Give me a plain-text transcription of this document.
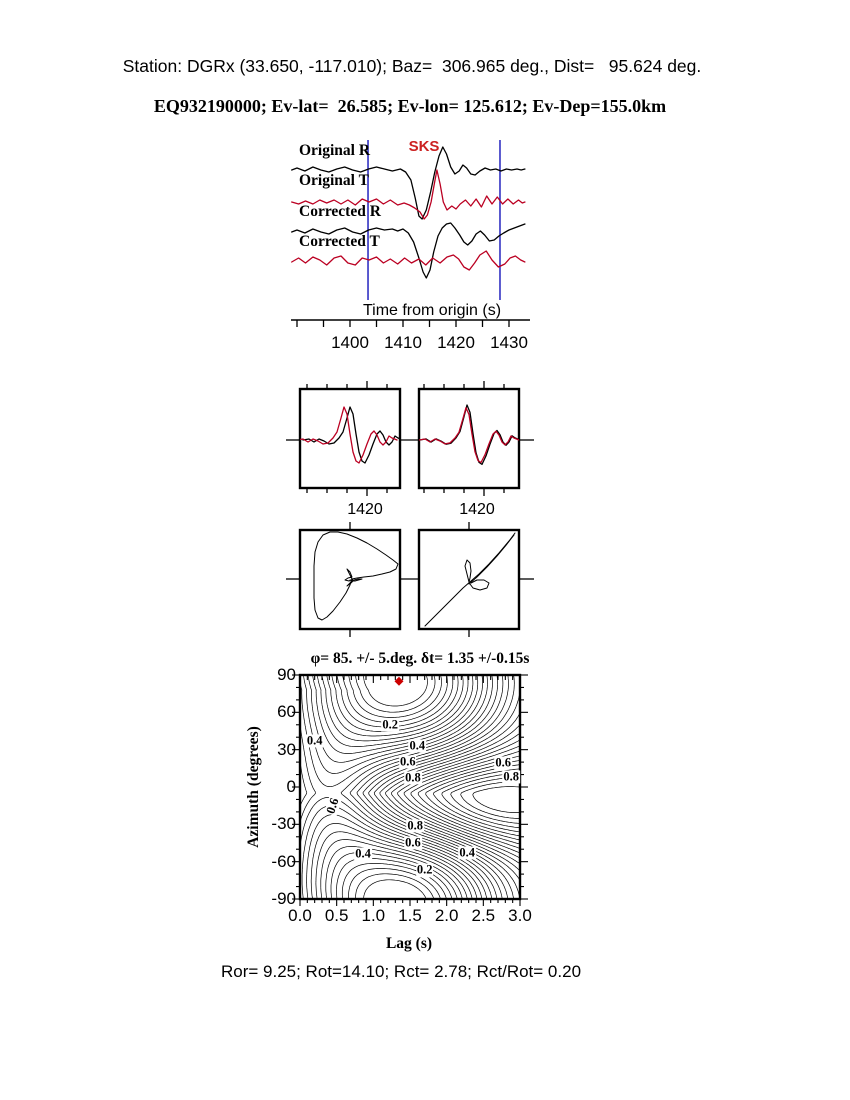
Station: DGRx (33.650, -117.010); Baz=  306.965 deg., Dist=   95.624 deg.
EQ932190000; Ev-lat=  26.585; Ev-lon= 125.612; Ev-Dep=155.0km
SKS
Original R
Original T
Corrected R
Corrected T
Time from origin (s)
1420	1420
φ= 85. +/- 5.deg. δt= 1.35 +/-0.15s
Azimuth (degrees)
Lag (s)
Ror= 9.25; Rot=14.10; Rct= 2.78; Rct/Rot= 0.20
1400 1410 1420 1430
90
60
30
0
-30
-60
-90
0.0 0.5 1.0 1.5 2.0 2.5 3.0
0.2
0.4	0.4
0.6	0.6
0.8	0.8
0.6
0.8
0.6
0.4	0.4
0.2
